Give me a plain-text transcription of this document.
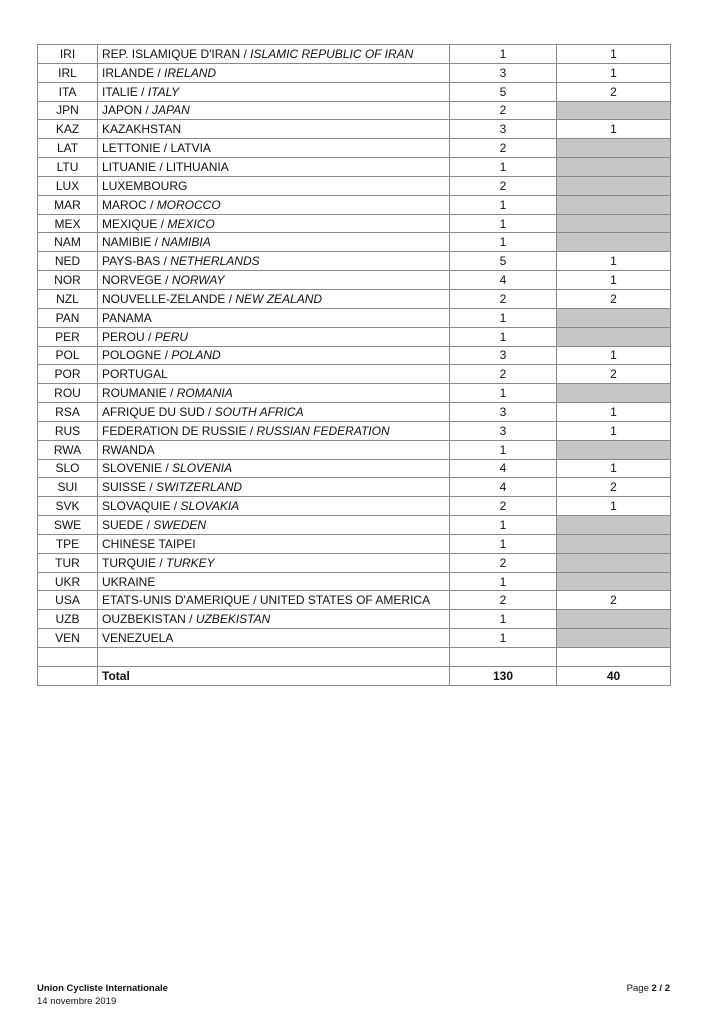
IRI	REP. ISLAMIQUE D'IRAN / ISLAMIC REPUBLIC OF IRAN	1	1
IRL	IRLANDE / IRELAND	3	1
ITA	ITALIE / ITALY	5	2
JPN	JAPON / JAPAN	2	
KAZ	KAZAKHSTAN	3	1
LAT	LETTONIE / LATVIA	2	
LTU	LITUANIE / LITHUANIA	1	
LUX	LUXEMBOURG	2	
MAR	MAROC / MOROCCO	1	
MEX	MEXIQUE / MEXICO	1	
NAM	NAMIBIE / NAMIBIA	1	
NED	PAYS-BAS / NETHERLANDS	5	1
NOR	NORVEGE / NORWAY	4	1
NZL	NOUVELLE-ZELANDE / NEW ZEALAND	2	2
PAN	PANAMA	1	
PER	PEROU / PERU	1	
POL	POLOGNE / POLAND	3	1
POR	PORTUGAL	2	2
ROU	ROUMANIE / ROMANIA	1	
RSA	AFRIQUE DU SUD / SOUTH AFRICA	3	1
RUS	FEDERATION DE RUSSIE / RUSSIAN FEDERATION	3	1
RWA	RWANDA	1	
SLO	SLOVENIE / SLOVENIA	4	1
SUI	SUISSE / SWITZERLAND	4	2
SVK	SLOVAQUIE / SLOVAKIA	2	1
SWE	SUEDE / SWEDEN	1	
TPE	CHINESE TAIPEI	1	
TUR	TURQUIE / TURKEY	2	
UKR	UKRAINE	1	
USA	ETATS-UNIS D'AMERIQUE / UNITED STATES OF AMERICA	2	2
UZB	OUZBEKISTAN / UZBEKISTAN	1	
VEN	VENEZUELA	1	

	Total	130	40
Union Cycliste Internationale
14 novembre 2019
Page 2 / 2
